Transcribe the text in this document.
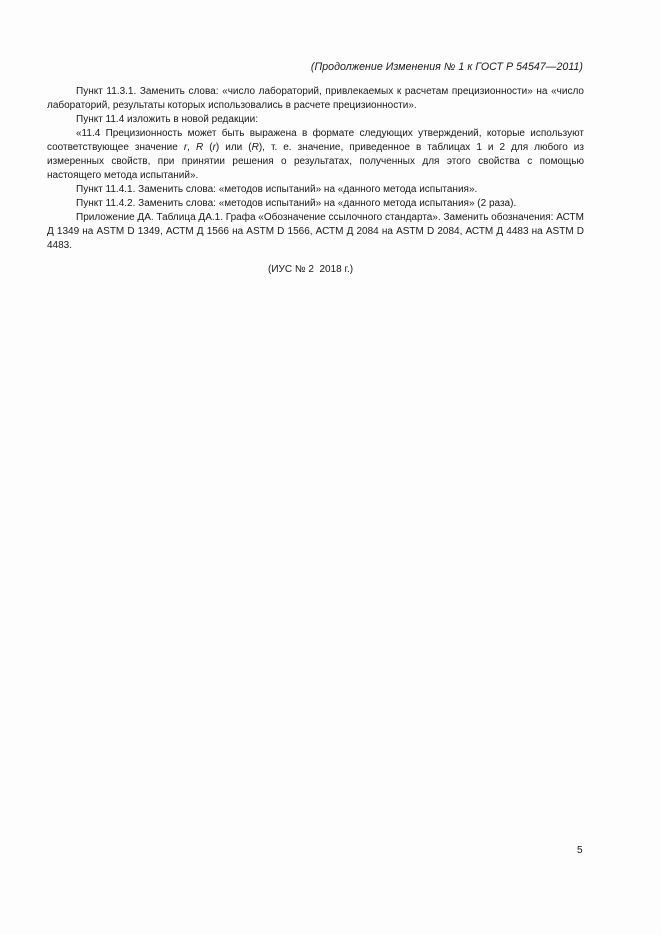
(Продолжение Изменения № 1 к ГОСТ Р 54547—2011)

Пункт 11.3.1. Заменить слова: «число лабораторий, привлекаемых к расчетам прецизионности» на «число лабораторий, результаты которых использовались в расчете прецизионности».

Пункт 11.4 изложить в новой редакции:

«11.4 Прецизионность может быть выражена в формате следующих утверждений, которые используют соответствующее значение r, R (r) или (R), т. е. значение, приведенное в таблицах 1 и 2 для любого из измеренных свойств, при принятии решения о результатах, полученных для этого свойства с помощью настоящего метода испытаний».

Пункт 11.4.1. Заменить слова: «методов испытаний» на «данного метода испытания».

Пункт 11.4.2. Заменить слова: «методов испытаний» на «данного метода испытания» (2 раза).

Приложение ДА. Таблица ДА.1. Графа «Обозначение ссылочного стандарта». Заменить обозначения: АСТМ Д 1349 на ASTM D 1349, АСТМ Д 1566 на ASTM D 1566, АСТМ Д 2084 на ASTM D 2084, АСТМ Д 4483 на ASTM D 4483.

(ИУС № 2  2018 г.)
5
